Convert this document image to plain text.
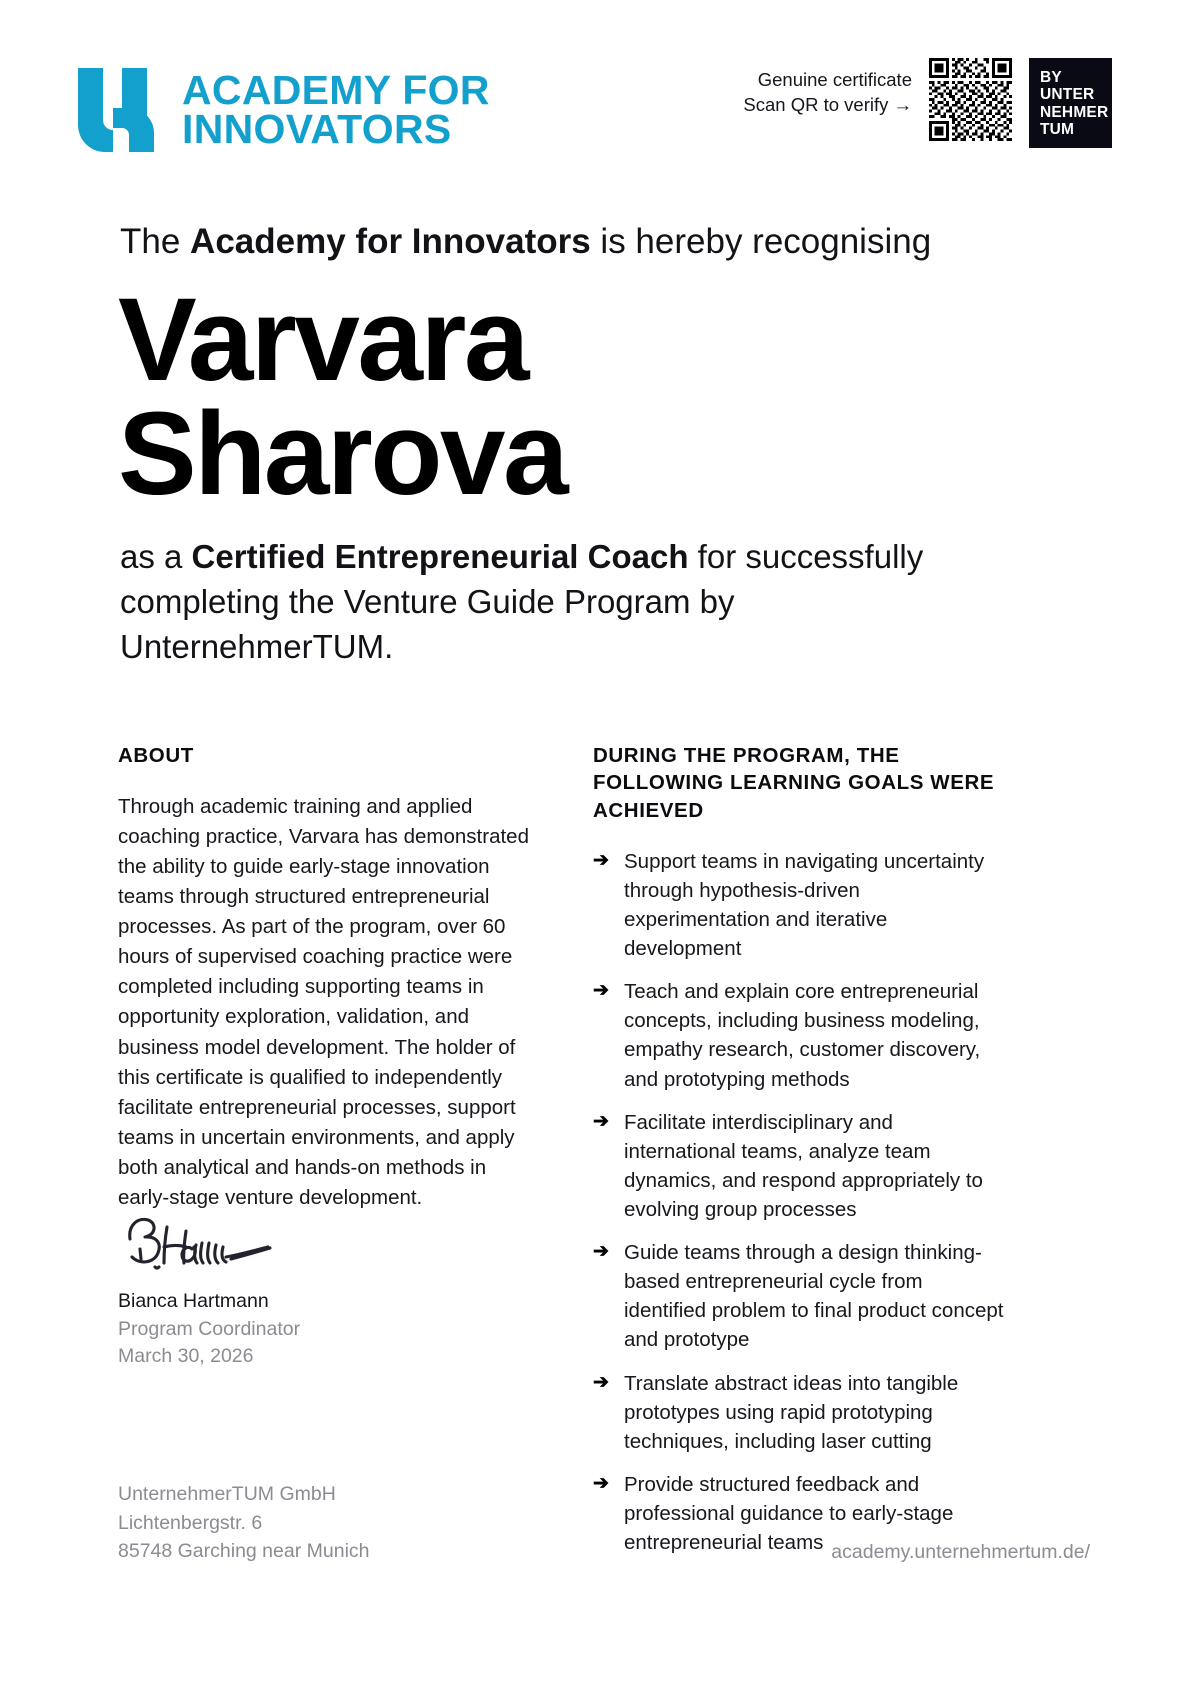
ACADEMY FOR
INNOVATORS
Genuine certificate
Scan QR to verify →
BY
UNTER
NEHMER
TUM
The Academy for Innovators is hereby recognising
Varvara
Sharova
as a Certified Entrepreneurial Coach for successfully completing the Venture Guide Program by UnternehmerTUM.
ABOUT
Through academic training and applied coaching practice, Varvara has demonstrated the ability to guide early-stage innovation teams through structured entrepreneurial processes. As part of the program, over 60 hours of supervised coaching practice were completed including supporting teams in opportunity exploration, validation, and business model development. The holder of this certificate is qualified to independently facilitate entrepreneurial processes, support teams in uncertain environments, and apply both analytical and hands-on methods in early-stage venture development.
DURING THE PROGRAM, THE FOLLOWING LEARNING GOALS WERE ACHIEVED
➔ Support teams in navigating uncertainty through hypothesis-driven experimentation and iterative development
➔ Teach and explain core entrepreneurial concepts, including business modeling, empathy research, customer discovery, and prototyping methods
➔ Facilitate interdisciplinary and international teams, analyze team dynamics, and respond appropriately to evolving group processes
➔ Guide teams through a design thinking-based entrepreneurial cycle from identified problem to final product concept and prototype
➔ Translate abstract ideas into tangible prototypes using rapid prototyping techniques, including laser cutting
➔ Provide structured feedback and professional guidance to early-stage entrepreneurial teams
Bianca Hartmann
Program Coordinator
March 30, 2026
UnternehmerTUM GmbH
Lichtenbergstr. 6
85748 Garching near Munich	academy.unternehmertum.de/
